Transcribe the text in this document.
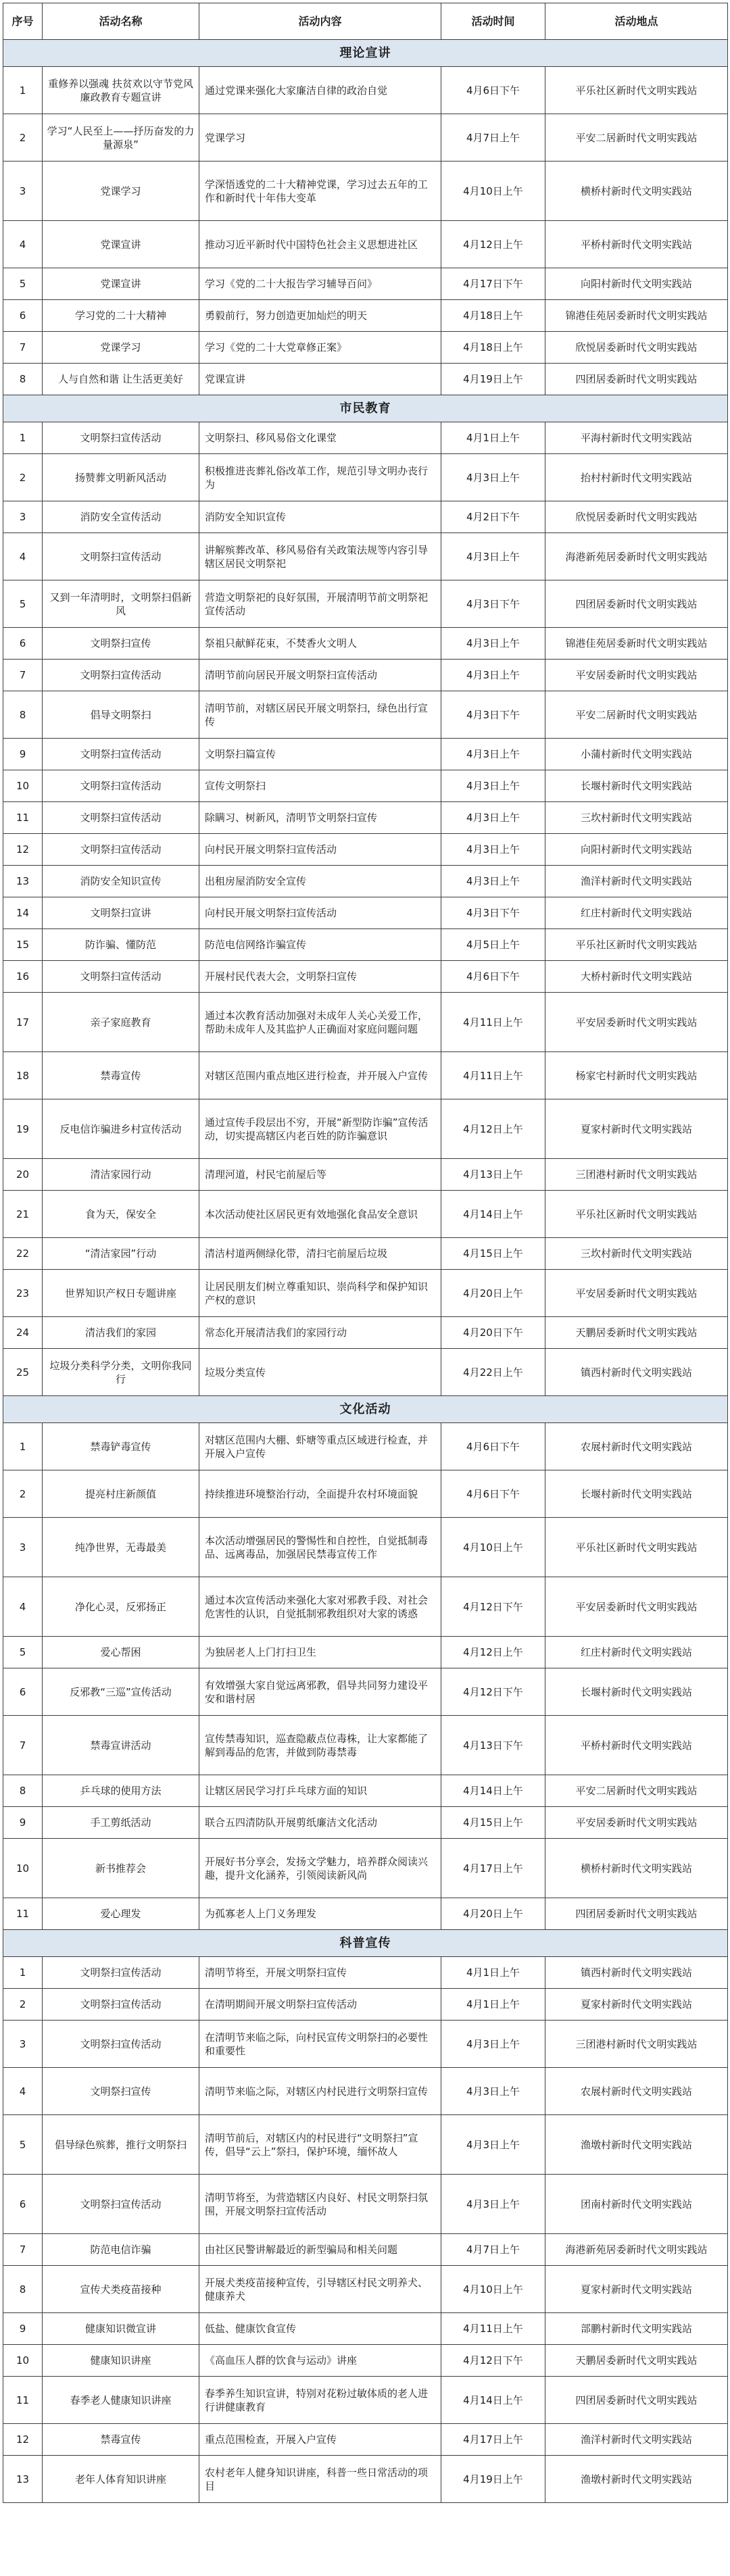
序号	活动名称	活动内容	活动时间	活动地点
理论宣讲				
1	重修养以强魂 扶贫欢以守节党风廉政教育专题宣讲	通过党课来强化大家廉洁自律的政治自觉	4月6日下午	平乐社区新时代文明实践站
2	学习“人民至上——抒历奋发的力量源泉”	党课学习	4月7日上午	平安二居新时代文明实践站
3	党课学习	学深悟透党的二十大精神党课，学习过去五年的工作和新时代十年伟大变革	4月10日上午	横桥村新时代文明实践站
4	党课宣讲	推动习近平新时代中国特色社会主义思想进社区	4月12日上午	平桥村新时代文明实践站
5	党课宣讲	学习《党的二十大报告学习辅导百问》	4月17日下午	向阳村新时代文明实践站
6	学习党的二十大精神	勇毅前行，努力创造更加灿烂的明天	4月18日上午	锦港佳苑居委新时代文明实践站
7	党课学习	学习《党的二十大党章修正案》	4月18日上午	欣悦居委新时代文明实践站
8	人与自然和谐 让生活更美好	党课宣讲	4月19日上午	四团居委新时代文明实践站
市民教育				
1	文明祭扫宣传活动	文明祭扫、移风易俗文化课堂	4月1日上午	平海村新时代文明实践站
2	扬赞葬文明新风活动	积极推进丧葬礼俗改革工作，规范引导文明办丧行为	4月3日上午	抬村村新时代文明实践站
3	消防安全宣传活动	消防安全知识宣传	4月2日下午	欣悦居委新时代文明实践站
4	文明祭扫宣传活动	讲解殡葬改革、移风易俗有关政策法规等内容引导辖区居民文明祭祀	4月3日上午	海港新苑居委新时代文明实践站
5	又到一年清明时，文明祭扫倡新风	营造文明祭祀的良好氛围，开展清明节前文明祭祀宣传活动	4月3日下午	四团居委新时代文明实践站
6	文明祭扫宣传	祭祖只献鲜花束，不焚香火文明人	4月3日上午	锦港佳苑居委新时代文明实践站
7	文明祭扫宣传活动	清明节前向居民开展文明祭扫宣传活动	4月3日上午	平安居委新时代文明实践站
8	倡导文明祭扫	清明节前，对辖区居民开展文明祭扫，绿色出行宣传	4月3日下午	平安二居新时代文明实践站
9	文明祭扫宣传活动	文明祭扫篇宣传	4月3日上午	小蒲村新时代文明实践站
10	文明祭扫宣传活动	宣传文明祭扫	4月3日上午	长堰村新时代文明实践站
11	文明祭扫宣传活动	除瞒习、树新风，清明节文明祭扫宣传	4月3日上午	三坎村新时代文明实践站
12	文明祭扫宣传活动	向村民开展文明祭扫宣传活动	4月3日上午	向阳村新时代文明实践站
13	消防安全知识宣传	出租房屋消防安全宣传	4月3日上午	渔洋村新时代文明实践站
14	文明祭扫宣讲	向村民开展文明祭扫宣传活动	4月3日下午	红庄村新时代文明实践站
15	防诈骗、懂防范	防范电信网络诈骗宣传	4月5日上午	平乐社区新时代文明实践站
16	文明祭扫宣传活动	开展村民代表大会，文明祭扫宣传	4月6日下午	大桥村新时代文明实践站
17	亲子家庭教育	通过本次教育活动加强对未成年人关心关爱工作，帮助未成年人及其监护人正确面对家庭问题问题	4月11日上午	平安居委新时代文明实践站
18	禁毒宣传	对辖区范围内重点地区进行检查，并开展入户宣传	4月11日上午	杨家宅村新时代文明实践站
19	反电信诈骗进乡村宣传活动	通过宣传手段层出不穷，开展“新型防诈骗”宣传活动，切实提高辖区内老百姓的防诈骗意识	4月12日上午	夏家村新时代文明实践站
20	清洁家园行动	清理河道，村民宅前屋后等	4月13日上午	三团港村新时代文明实践站
21	食为天，保安全	本次活动使社区居民更有效地强化食品安全意识	4月14日上午	平乐社区新时代文明实践站
22	“清洁家园”行动	清洁村道两侧绿化带，清扫宅前屋后垃圾	4月15日上午	三坎村新时代文明实践站
23	世界知识产权日专题讲座	让居民朋友们树立尊重知识、崇尚科学和保护知识产权的意识	4月20日上午	平安居委新时代文明实践站
24	清洁我们的家园	常态化开展清洁我们的家园行动	4月20日下午	天鹏居委新时代文明实践站
25	垃圾分类科学分类，文明你我同行	垃圾分类宣传	4月22日上午	镇西村新时代文明实践站
文化活动				
1	禁毒铲毒宣传	对辖区范围内大棚、虾塘等重点区域进行检查，并开展入户宣传	4月6日下午	农展村新时代文明实践站
2	提亮村庄新颜值	持续推进环境整治行动，全面提升农村环境面貌	4月6日下午	长堰村新时代文明实践站
3	纯净世界，无毒最美	本次活动增强居民的警惕性和自控性，自觉抵制毒品、远离毒品，加强居民禁毒宣传工作	4月10日上午	平乐社区新时代文明实践站
4	净化心灵，反邪扬正	通过本次宣传活动来强化大家对邪教手段、对社会危害性的认识，自觉抵制邪教组织对大家的诱惑	4月12日下午	平安居委新时代文明实践站
5	爱心帮困	为独居老人上门打扫卫生	4月12日上午	红庄村新时代文明实践站
6	反邪教“三巡”宣传活动	有效增强大家自觉远离邪教，倡导共同努力建设平安和谐村居	4月12日下午	长堰村新时代文明实践站
7	禁毒宣讲活动	宣传禁毒知识，巡查隐蔽点位毒株，让大家都能了解到毒品的危害，并做到防毒禁毒	4月13日下午	平桥村新时代文明实践站
8	乒乓球的使用方法	让辖区居民学习打乒乓球方面的知识	4月14日上午	平安二居新时代文明实践站
9	手工剪纸活动	联合五四清防队开展剪纸廉洁文化活动	4月15日上午	平安居委新时代文明实践站
10	新书推荐会	开展好书分享会，发扬文学魅力，培养群众阅读兴趣，提升文化涵养，引领阅读新风尚	4月17日上午	横桥村新时代文明实践站
11	爱心理发	为孤寡老人上门义务理发	4月20日上午	四团居委新时代文明实践站
科普宣传				
1	文明祭扫宣传活动	清明节将至，开展文明祭扫宣传	4月1日上午	镇西村新时代文明实践站
2	文明祭扫宣传活动	在清明期间开展文明祭扫宣传活动	4月1日上午	夏家村新时代文明实践站
3	文明祭扫宣传活动	在清明节来临之际，向村民宣传文明祭扫的必要性和重要性	4月3日上午	三团港村新时代文明实践站
4	文明祭扫宣传	清明节来临之际，对辖区内村民进行文明祭扫宣传	4月3日上午	农展村新时代文明实践站
5	倡导绿色殡葬，推行文明祭扫	清明节前后，对辖区内的村民进行“文明祭扫”宣传，倡导“云上”祭扫，保护环境，缅怀故人	4月3日上午	渔墩村新时代文明实践站
6	文明祭扫宣传活动	清明节将至，为营造辖区内良好、村民文明祭扫氛围，开展文明祭扫宣传活动	4月3日上午	团南村新时代文明实践站
7	防范电信诈骗	由社区民警讲解最近的新型骗局和相关问题	4月7日上午	海港新苑居委新时代文明实践站
8	宣传犬类疫苗接种	开展犬类疫苗接种宣传，引导辖区村民文明养犬、健康养犬	4月10日上午	夏家村新时代文明实践站
9	健康知识微宣讲	低盐、健康饮食宣传	4月11日上午	部鹏村新时代文明实践站
10	健康知识讲座	《高血压人群的饮食与运动》讲座	4月12日下午	天鹏居委新时代文明实践站
11	春季老人健康知识讲座	春季养生知识宣讲，特别对花粉过敏体质的老人进行讲健康教育	4月14日上午	四团居委新时代文明实践站
12	禁毒宣传	重点范围检查，开展入户宣传	4月17日上午	渔洋村新时代文明实践站
13	老年人体育知识讲座	农村老年人健身知识讲座，科普一些日常活动的项目	4月19日上午	渔墩村新时代文明实践站
